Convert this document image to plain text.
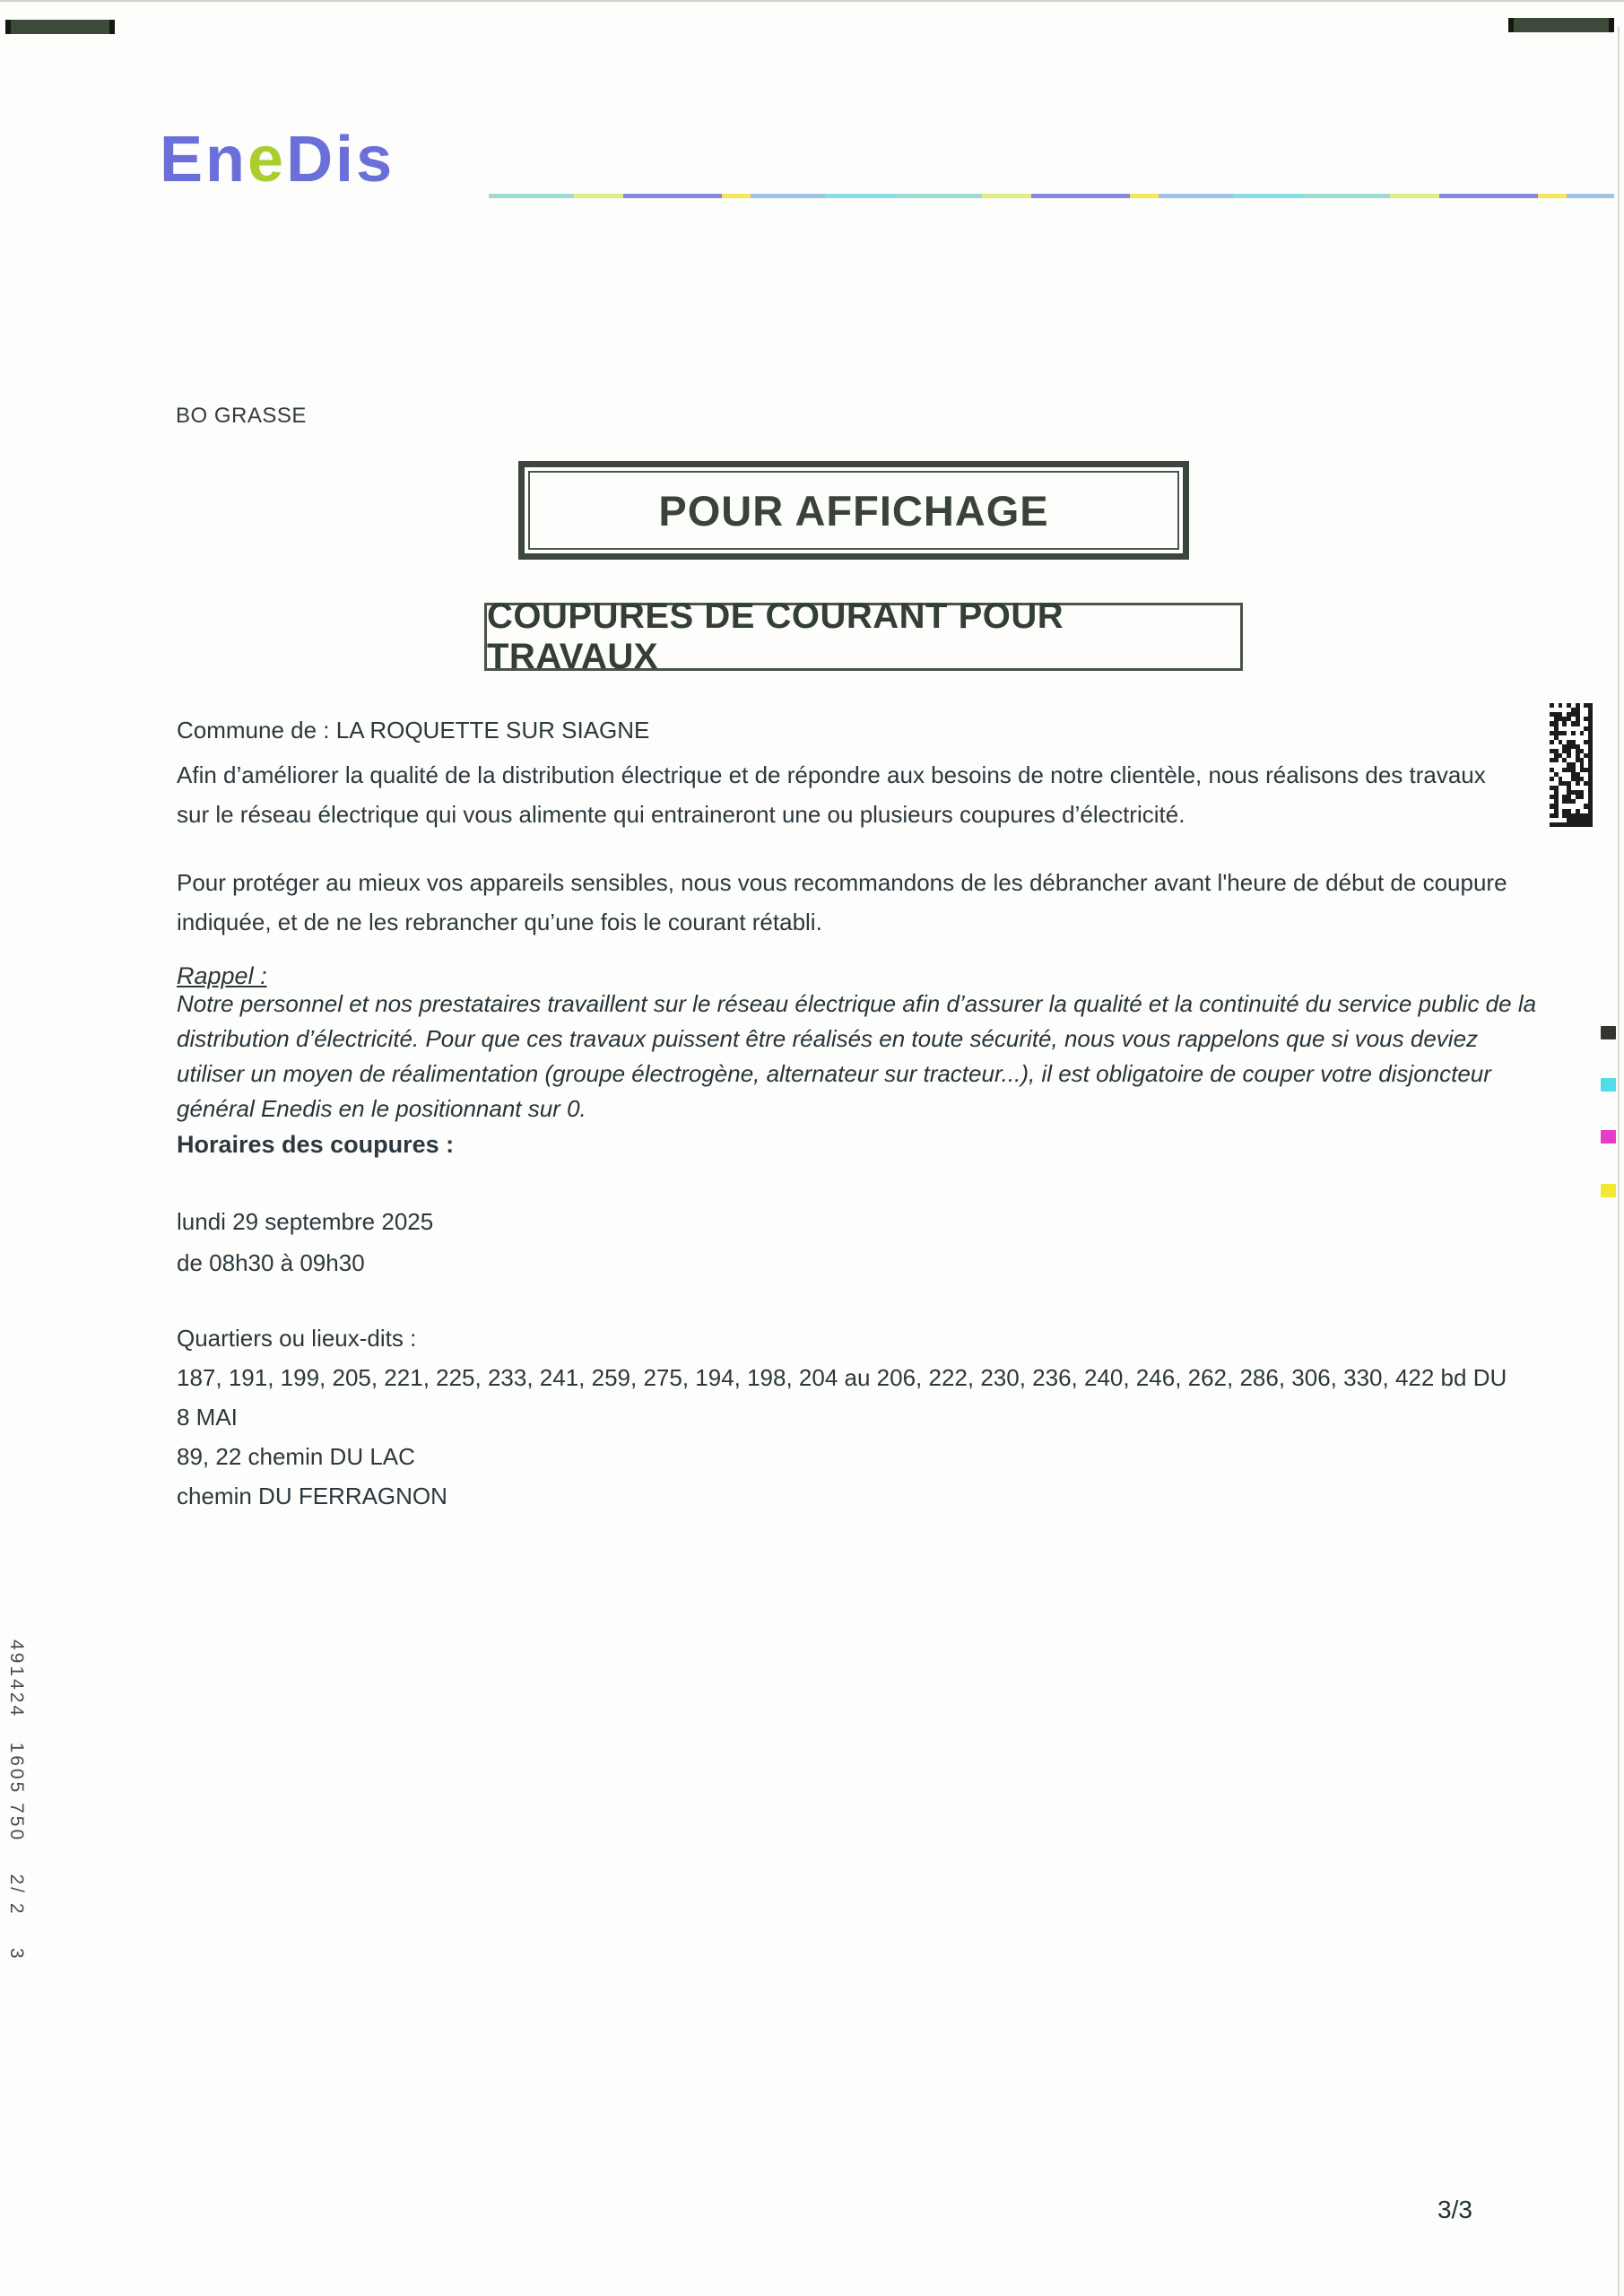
EneDis
BO GRASSE
POUR AFFICHAGE
COUPURES DE COURANT POUR TRAVAUX
Commune de : LA ROQUETTE SUR SIAGNE
Afin d’améliorer la qualité de la distribution électrique et de répondre aux besoins de notre clientèle, nous réalisons des travaux sur le réseau électrique qui vous alimente qui entraineront une ou plusieurs coupures d’électricité.
Pour protéger au mieux vos appareils sensibles, nous vous recommandons de les débrancher avant l'heure de début de coupure indiquée, et de ne les rebrancher qu’une fois le courant rétabli.
Rappel :
Notre personnel et nos prestataires travaillent sur le réseau électrique afin d’assurer la qualité et la continuité du service public de la distribution d’électricité. Pour que ces travaux puissent être réalisés en toute sécurité, nous vous rappelons que si vous deviez utiliser un moyen de réalimentation (groupe électrogène, alternateur sur tracteur...), il est obligatoire de couper votre disjoncteur général Enedis en le positionnant sur 0.
Horaires des coupures :
lundi 29 septembre 2025
de 08h30 à 09h30
Quartiers ou lieux-dits :
187, 191, 199, 205, 221, 225, 233, 241, 259, 275, 194, 198, 204 au 206, 222, 230, 236, 240, 246, 262, 286, 306, 330, 422 bd DU 8 MAI
89, 22 chemin DU LAC
chemin DU FERRAGNON
491424   1605 750    2/ 2    3
3/3
